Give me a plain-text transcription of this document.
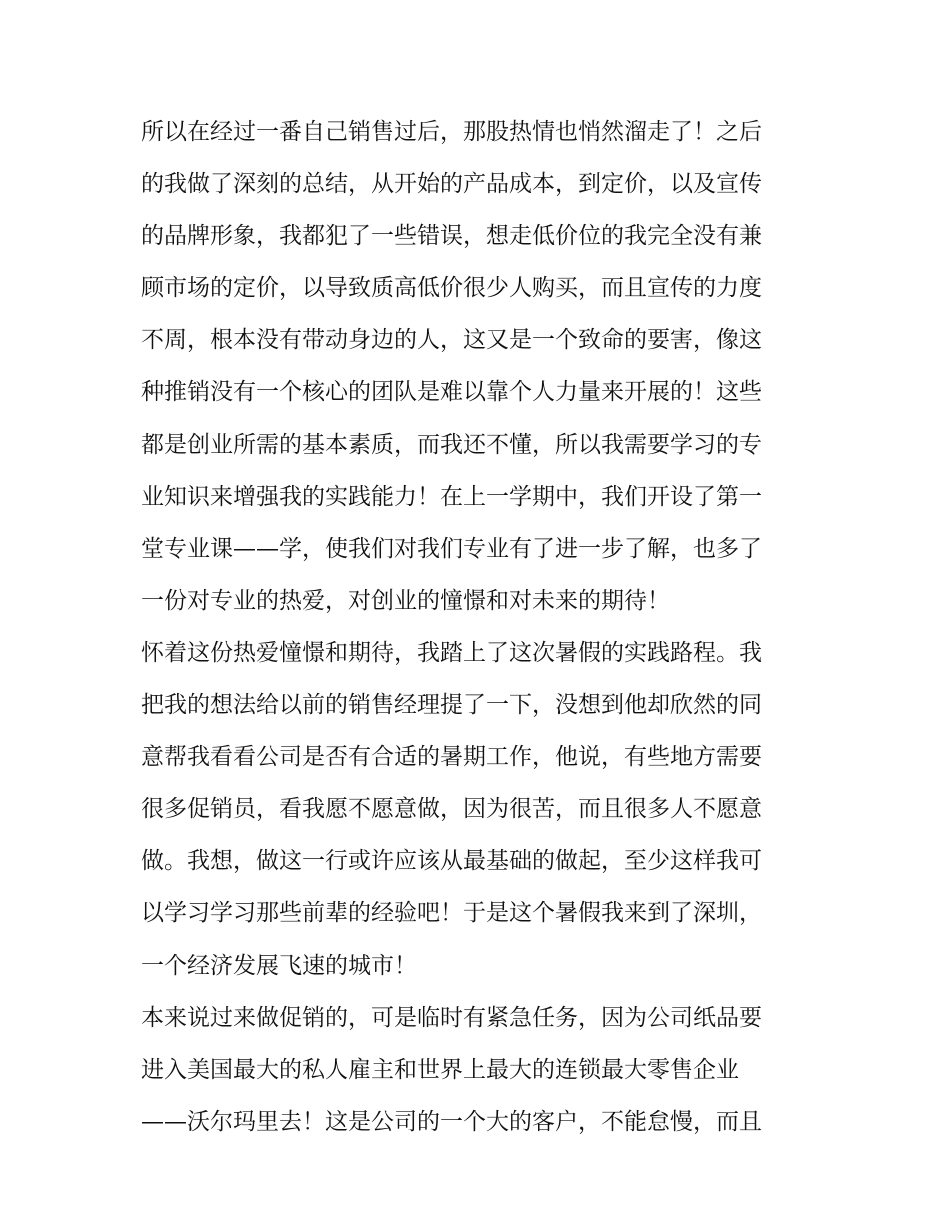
所以在经过一番自己销售过后，那股热情也悄然溜走了！之后
的我做了深刻的总结，从开始的产品成本，到定价，以及宣传
的品牌形象，我都犯了一些错误，想走低价位的我完全没有兼
顾市场的定价，以导致质高低价很少人购买，而且宣传的力度
不周，根本没有带动身边的人，这又是一个致命的要害，像这
种推销没有一个核心的团队是难以靠个人力量来开展的！这些
都是创业所需的基本素质，而我还不懂，所以我需要学习的专
业知识来增强我的实践能力！在上一学期中，我们开设了第一
堂专业课——学，使我们对我们专业有了进一步了解，也多了
一份对专业的热爱，对创业的憧憬和对未来的期待！
怀着这份热爱憧憬和期待，我踏上了这次暑假的实践路程。我
把我的想法给以前的销售经理提了一下，没想到他却欣然的同
意帮我看看公司是否有合适的暑期工作，他说，有些地方需要
很多促销员，看我愿不愿意做，因为很苦，而且很多人不愿意
做。我想，做这一行或许应该从最基础的做起，至少这样我可
以学习学习那些前辈的经验吧！于是这个暑假我来到了深圳，
一个经济发展飞速的城市！
本来说过来做促销的，可是临时有紧急任务，因为公司纸品要
进入美国最大的私人雇主和世界上最大的连锁最大零售企业
——沃尔玛里去！这是公司的一个大的客户，不能怠慢，而且
